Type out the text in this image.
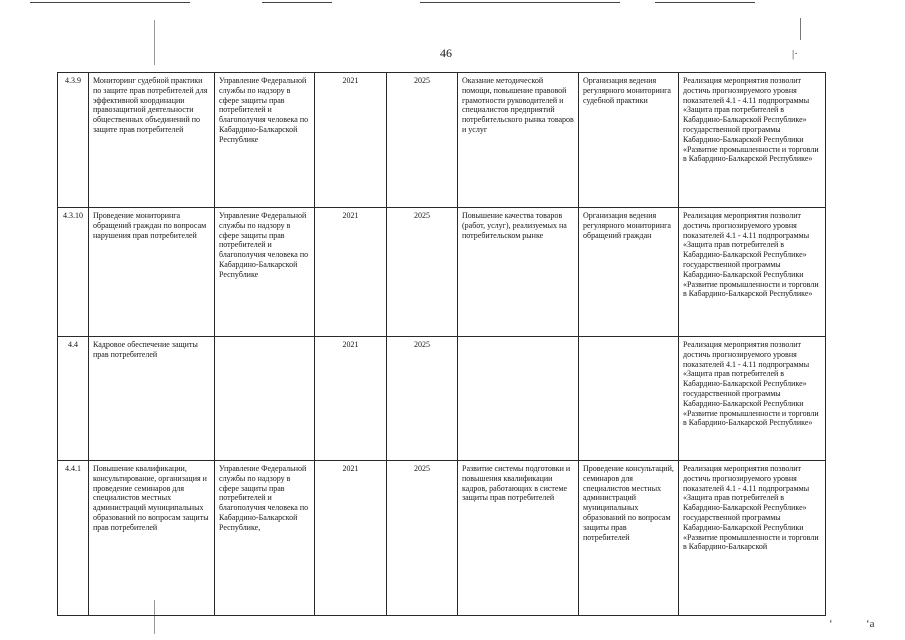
46	|·
ʻ	ʻa
4.3.9	Мониторинг судебной практики по защите прав потребителей для эффективной координации правозащитной деятельности общественных объединений по защите прав потребителей	Управление Федеральной службы по надзору в сфере защиты прав потребителей и благополучия человека по Кабардино-Балкарской Республике	2021	2025	Оказание методической помощи, повышение правовой грамотности руководителей и специалистов предприятий потребительского рынка товаров и услуг	Организация ведения регулярного мониторинга судебной практики	Реализация мероприятия позволит достичь прогнозируемого уровня показателей 4.1 - 4.11 подпрограммы «Защита прав потребителей в Кабардино-Балкарской Республике» государственной программы Кабардино-Балкарской Республики «Развитие промышленности и торговли в Кабардино-Балкарской Республике»
4.3.10	Проведение мониторинга обращений граждан по вопросам нарушения прав потребителей	Управление Федеральной службы по надзору в сфере защиты прав потребителей и благополучия человека по Кабардино-Балкарской Республике	2021	2025	Повышение качества товаров (работ, услуг), реализуемых на потребительском рынке	Организация ведения регулярного мониторинга обращений граждан	Реализация мероприятия позволит достичь прогнозируемого уровня показателей 4.1 - 4.11 подпрограммы «Защита прав потребителей в Кабардино-Балкарской Республике» государственной программы Кабардино-Балкарской Республики «Развитие промышленности и торговли в Кабардино-Балкарской Республике»
4.4	Кадровое обеспечение защиты прав потребителей		2021	2025			Реализация мероприятия позволит достичь прогнозируемого уровня показателей 4.1 - 4.11 подпрограммы «Защита прав потребителей в Кабардино-Балкарской Республике» государственной программы Кабардино-Балкарской Республики «Развитие промышленности и торговли в Кабардино-Балкарской Республике»
4.4.1	Повышение квалификации, консультирование, организация и проведение семинаров для специалистов местных администраций муниципальных образований по вопросам защиты прав потребителей	Управление Федеральной службы по надзору в сфере защиты прав потребителей и благополучия человека по Кабардино-Балкарской Республике,	2021	2025	Развитие системы подготовки и повышения квалификации кадров, работающих в системе защиты прав потребителей	Проведение консультаций, семинаров для специалистов местных администраций муниципальных образований по вопросам защиты прав потребителей	Реализация мероприятия позволит достичь прогнозируемого уровня показателей 4.1 - 4.11 подпрограммы «Защита прав потребителей в Кабардино-Балкарской Республике» государственной программы Кабардино-Балкарской Республики «Развитие промышленности и торговли в Кабардино-Балкарской
